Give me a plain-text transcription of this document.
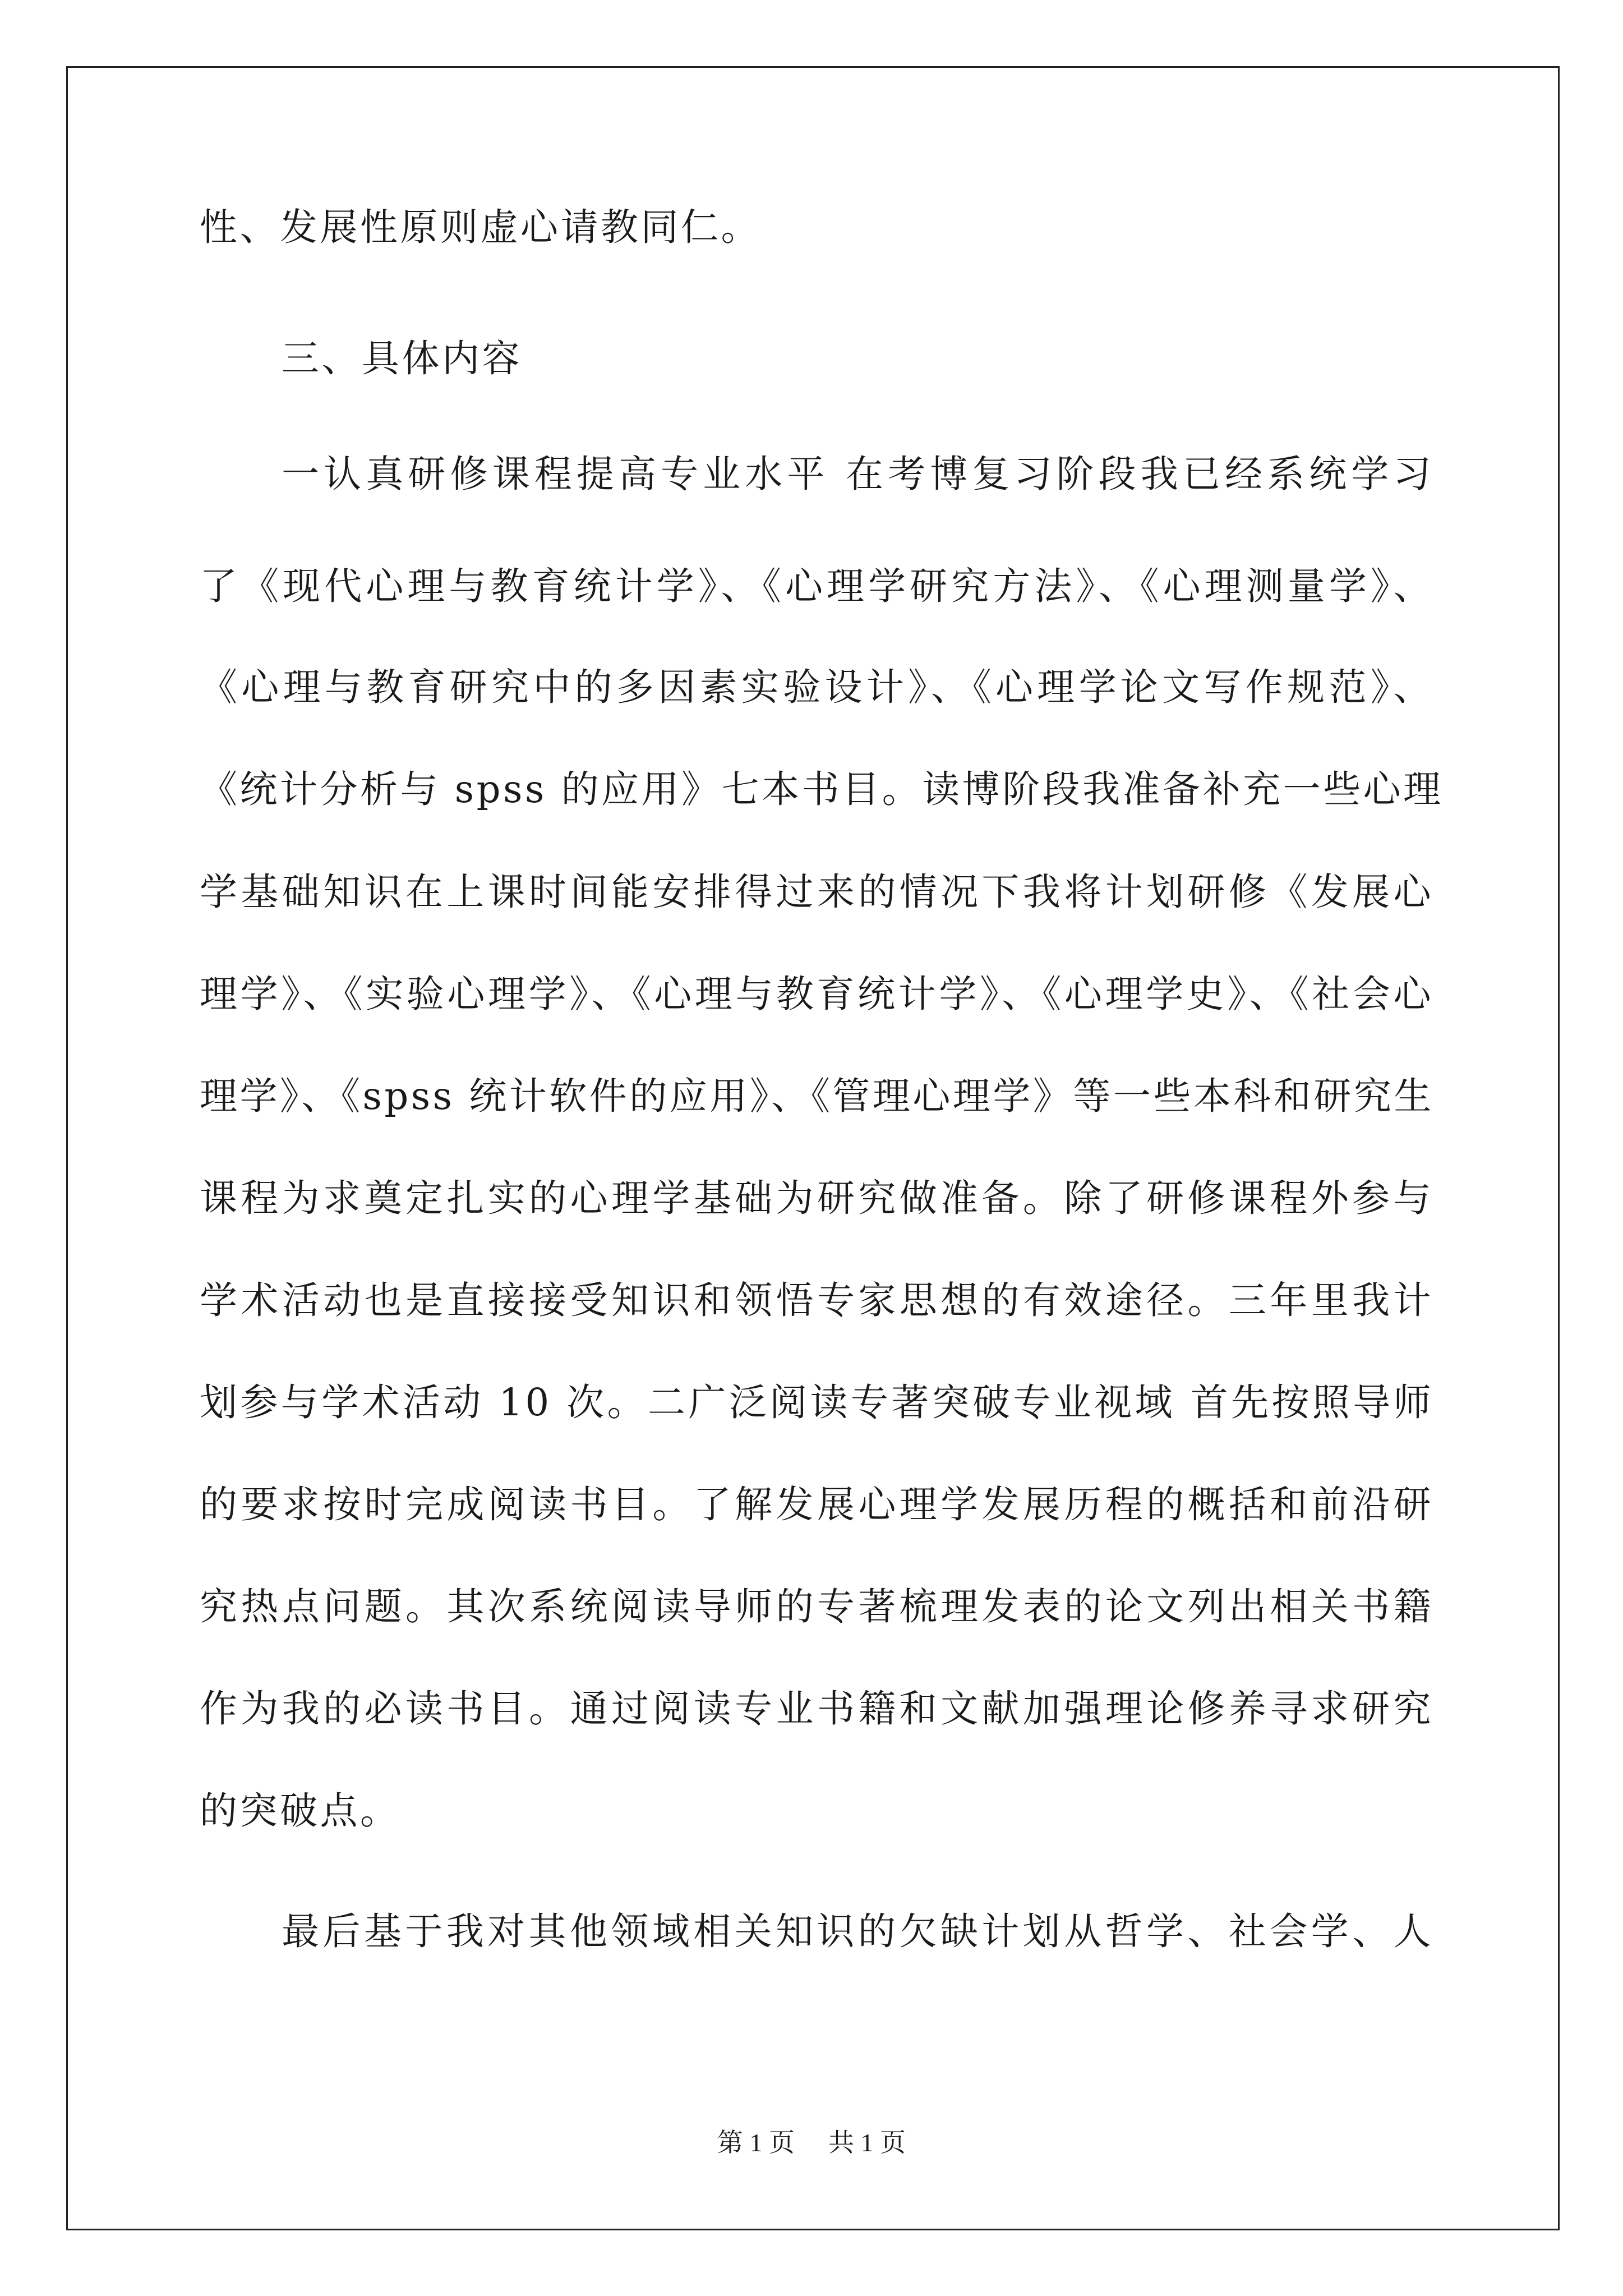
性、发展性原则虚心请教同仁。
三、具体内容
一认真研修课程提高专业水平 在考博复习阶段我已经系统学习
了《现代心理与教育统计学》、《心理学研究方法》、《心理测量学》、
《心理与教育研究中的多因素实验设计》、《心理学论文写作规范》、
《统计分析与 spss 的应用》七本书目。读博阶段我准备补充一些心理
学基础知识在上课时间能安排得过来的情况下我将计划研修《发展心
理学》、《实验心理学》、《心理与教育统计学》、《心理学史》、《社会心
理学》、《spss 统计软件的应用》、《管理心理学》等一些本科和研究生
课程为求奠定扎实的心理学基础为研究做准备。除了研修课程外参与
学术活动也是直接接受知识和领悟专家思想的有效途径。三年里我计
划参与学术活动 10 次。二广泛阅读专著突破专业视域 首先按照导师
的要求按时完成阅读书目。了解发展心理学发展历程的概括和前沿研
究热点问题。其次系统阅读导师的专著梳理发表的论文列出相关书籍
作为我的必读书目。通过阅读专业书籍和文献加强理论修养寻求研究
的突破点。
最后基于我对其他领域相关知识的欠缺计划从哲学、社会学、人
第 1 页 共 1 页
